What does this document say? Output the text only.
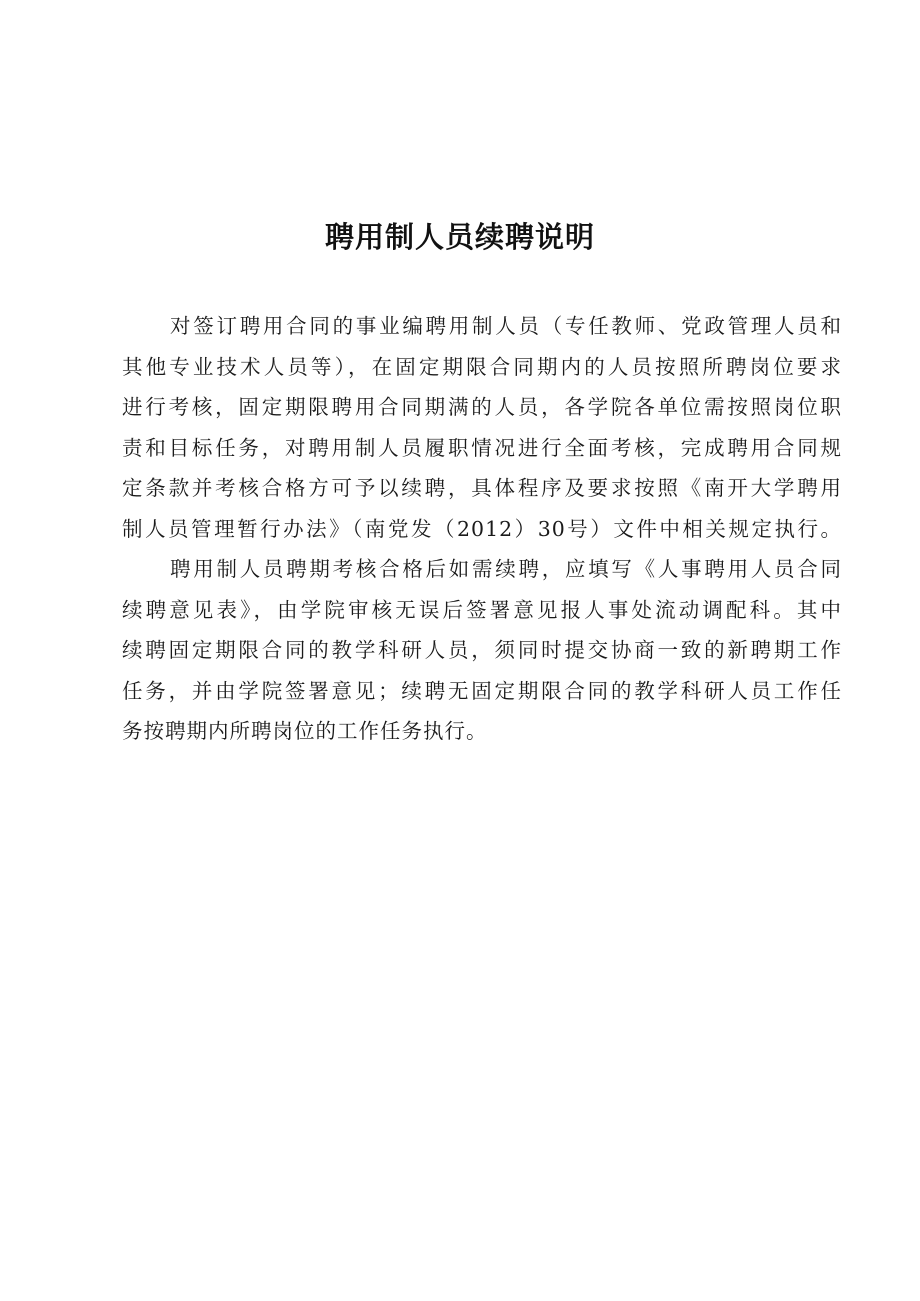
聘用制人员续聘说明

对签订聘用合同的事业编聘用制人员（专任教师、党政管理人员和
其他专业技术人员等），在固定期限合同期内的人员按照所聘岗位要求
进行考核，固定期限聘用合同期满的人员，各学院各单位需按照岗位职
责和目标任务，对聘用制人员履职情况进行全面考核，完成聘用合同规
定条款并考核合格方可予以续聘，具体程序及要求按照《南开大学聘用
制人员管理暂行办法》（南党发（2012）30号）文件中相关规定执行。

聘用制人员聘期考核合格后如需续聘，应填写《人事聘用人员合同
续聘意见表》，由学院审核无误后签署意见报人事处流动调配科。其中
续聘固定期限合同的教学科研人员，须同时提交协商一致的新聘期工作
任务，并由学院签署意见；续聘无固定期限合同的教学科研人员工作任
务按聘期内所聘岗位的工作任务执行。
